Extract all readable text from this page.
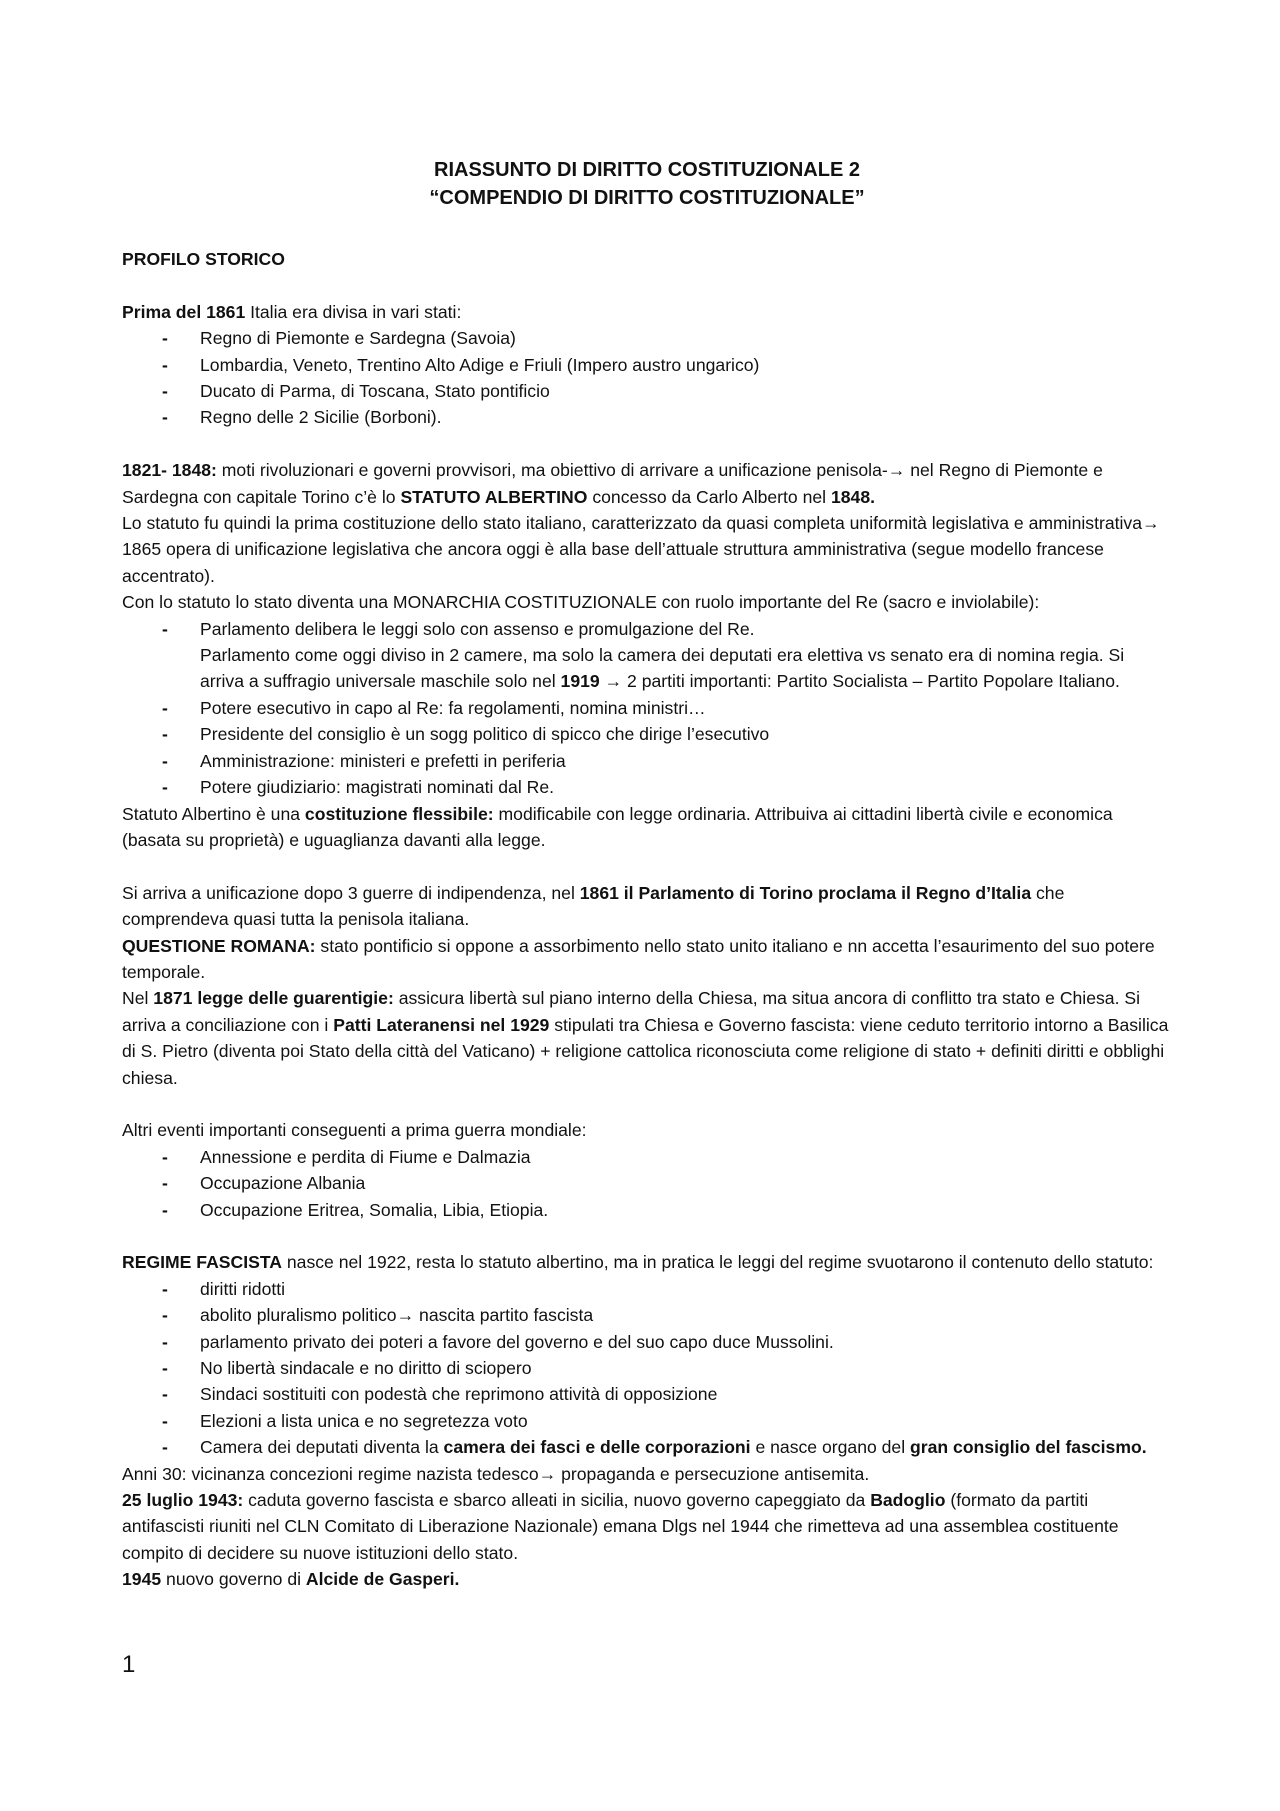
RIASSUNTO DI DIRITTO COSTITUZIONALE 2
“COMPENDIO DI DIRITTO COSTITUZIONALE”

PROFILO STORICO

Prima del 1861 Italia era divisa in vari stati:

- Regno di Piemonte e Sardegna (Savoia)
- Lombardia, Veneto, Trentino Alto Adige e Friuli (Impero austro ungarico)
- Ducato di Parma, di Toscana, Stato pontificio
- Regno delle 2 Sicilie (Borboni).

1821- 1848: moti rivoluzionari e governi provvisori, ma obiettivo di arrivare a unificazione penisola-→ nel Regno di Piemonte e Sardegna con capitale Torino c’è lo STATUTO ALBERTINO concesso da Carlo Alberto nel 1848.

Lo statuto fu quindi la prima costituzione dello stato italiano, caratterizzato da quasi completa uniformità legislativa e amministrativa→ 1865 opera di unificazione legislativa che ancora oggi è alla base dell’attuale struttura amministrativa (segue modello francese accentrato).

Con lo statuto lo stato diventa una MONARCHIA COSTITUZIONALE con ruolo importante del Re (sacro e inviolabile):

- Parlamento delibera le leggi solo con assenso e promulgazione del Re.
Parlamento come oggi diviso in 2 camere, ma solo la camera dei deputati era elettiva vs senato era di nomina regia. Si arriva a suffragio universale maschile solo nel 1919 → 2 partiti importanti: Partito Socialista – Partito Popolare Italiano.
- Potere esecutivo in capo al Re: fa regolamenti, nomina ministri…
- Presidente del consiglio è un sogg politico di spicco che dirige l’esecutivo
- Amministrazione: ministeri e prefetti in periferia
- Potere giudiziario: magistrati nominati dal Re.

Statuto Albertino è una costituzione flessibile: modificabile con legge ordinaria. Attribuiva ai cittadini libertà civile e economica (basata su proprietà) e uguaglianza davanti alla legge.

Si arriva a unificazione dopo 3 guerre di indipendenza, nel 1861 il Parlamento di Torino proclama il Regno d’Italia che comprendeva quasi tutta la penisola italiana.

QUESTIONE ROMANA: stato pontificio si oppone a assorbimento nello stato unito italiano e nn accetta l’esaurimento del suo potere temporale.

Nel 1871 legge delle guarentigie: assicura libertà sul piano interno della Chiesa, ma situa ancora di conflitto tra stato e Chiesa. Si arriva a conciliazione con i Patti Lateranensi nel 1929 stipulati tra Chiesa e Governo fascista: viene ceduto territorio intorno a Basilica di S. Pietro (diventa poi Stato della città del Vaticano) + religione cattolica riconosciuta come religione di stato + definiti diritti e obblighi chiesa.

Altri eventi importanti conseguenti a prima guerra mondiale:

- Annessione e perdita di Fiume e Dalmazia
- Occupazione Albania
- Occupazione Eritrea, Somalia, Libia, Etiopia.

REGIME FASCISTA nasce nel 1922, resta lo statuto albertino, ma in pratica le leggi del regime svuotarono il contenuto dello statuto:

- diritti ridotti
- abolito pluralismo politico→ nascita partito fascista
- parlamento privato dei poteri a favore del governo e del suo capo duce Mussolini.
- No libertà sindacale e no diritto di sciopero
- Sindaci sostituiti con podestà che reprimono attività di opposizione
- Elezioni a lista unica e no segretezza voto
- Camera dei deputati diventa la camera dei fasci e delle corporazioni e nasce organo del gran consiglio del fascismo.

Anni 30: vicinanza concezioni regime nazista tedesco→ propaganda e persecuzione antisemita.

25 luglio 1943: caduta governo fascista e sbarco alleati in sicilia, nuovo governo capeggiato da Badoglio (formato da partiti antifascisti riuniti nel CLN Comitato di Liberazione Nazionale) emana Dlgs nel 1944 che rimetteva ad una assemblea costituente compito di decidere su nuove istituzioni dello stato.

1945 nuovo governo di Alcide de Gasperi.

1
